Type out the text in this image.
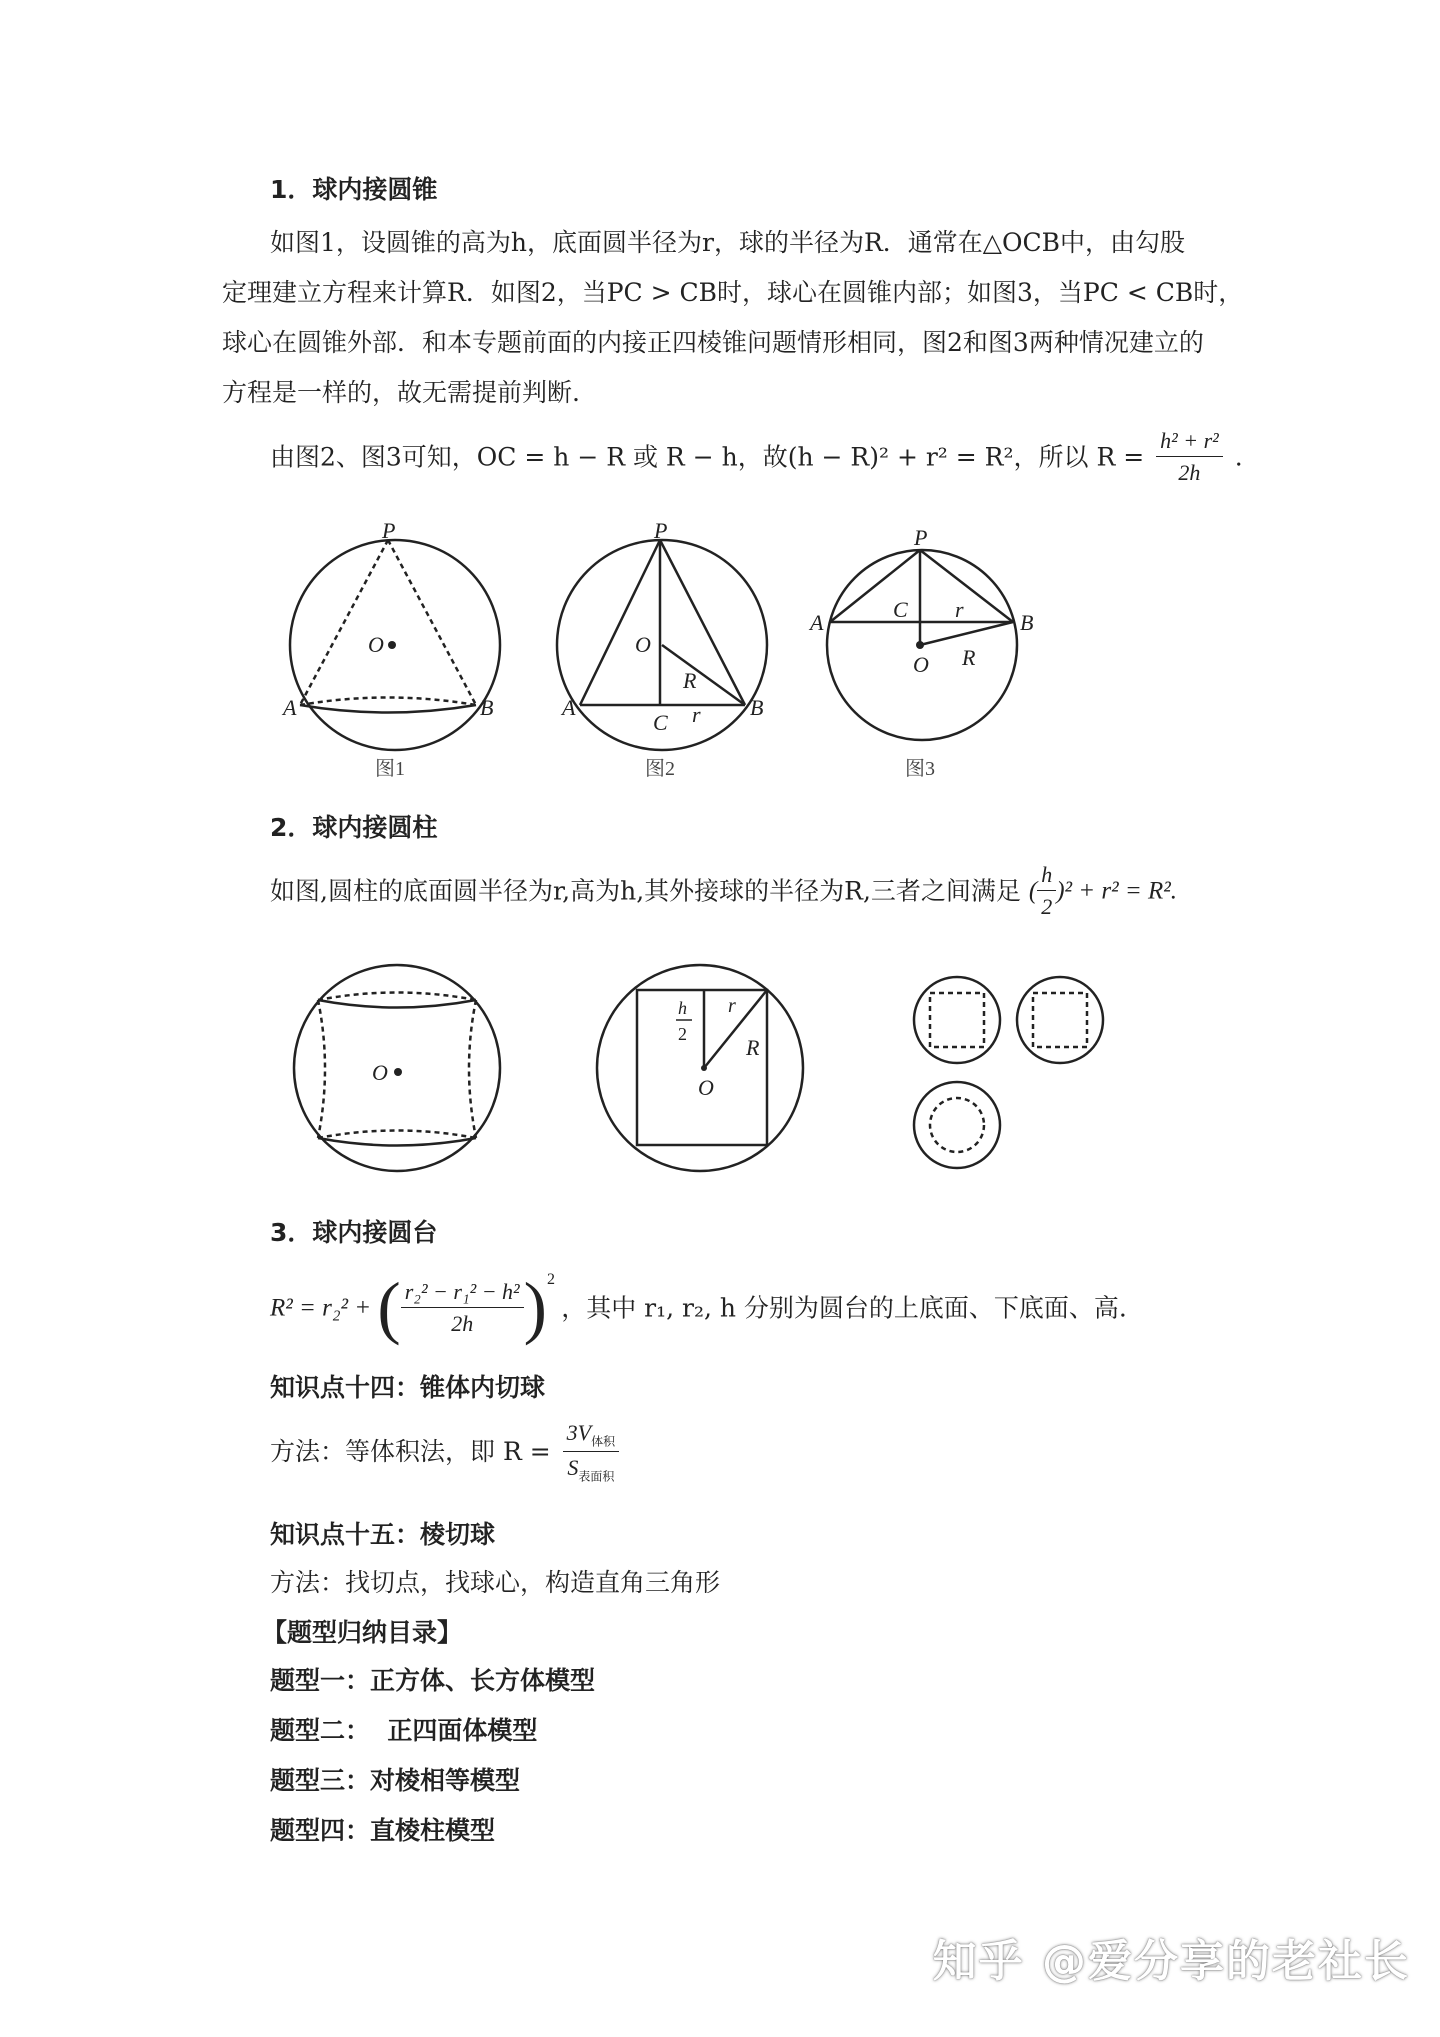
1．球内接圆锥
如图1，设圆锥的高为h，底面圆半径为r，球的半径为R．通常在△OCB中，由勾股
定理建立方程来计算R．如图2，当PC > CB时，球心在圆锥内部；如图3，当PC < CB时，
球心在圆锥外部．和本专题前面的内接正四棱锥问题情形相同，图2和图3两种情况建立的
方程是一样的，故无需提前判断.
由图2、图3可知，OC = h − R 或 R − h，故(h − R)² + r² = R²，所以 $R = \frac{\text{h² + r²}}{2h}$ .
P
O
A	B
P
O
A	B
C
R
r
P
A	B
C r
O R
图1	图2	图3
2．球内接圆柱
如图,圆柱的底面圆半径为r,高为h,其外接球的半径为R,三者之间满足 ( $\frac{h}{2} )^2 + r^2 = R^2$.
O
h
2
r
R
O
3．球内接圆台
R² = r₂² + ( $\frac{\text{r₂² − r₁² − h²}}{2h} )^2$ ，其中 r₁, r₂, h 分别为圆台的上底面、下底面、高.
知识点十四：锥体内切球
方法：等体积法，即 $R = \frac{3V_{体积}}{S_{表面积}}$
知识点十五：棱切球
方法：找切点，找球心，构造直角三角形
【题型归纳目录】
题型一：正方体、长方体模型
题型二：  正四面体模型
题型三：对棱相等模型
题型四：直棱柱模型
知乎 @爱分享的老社长
